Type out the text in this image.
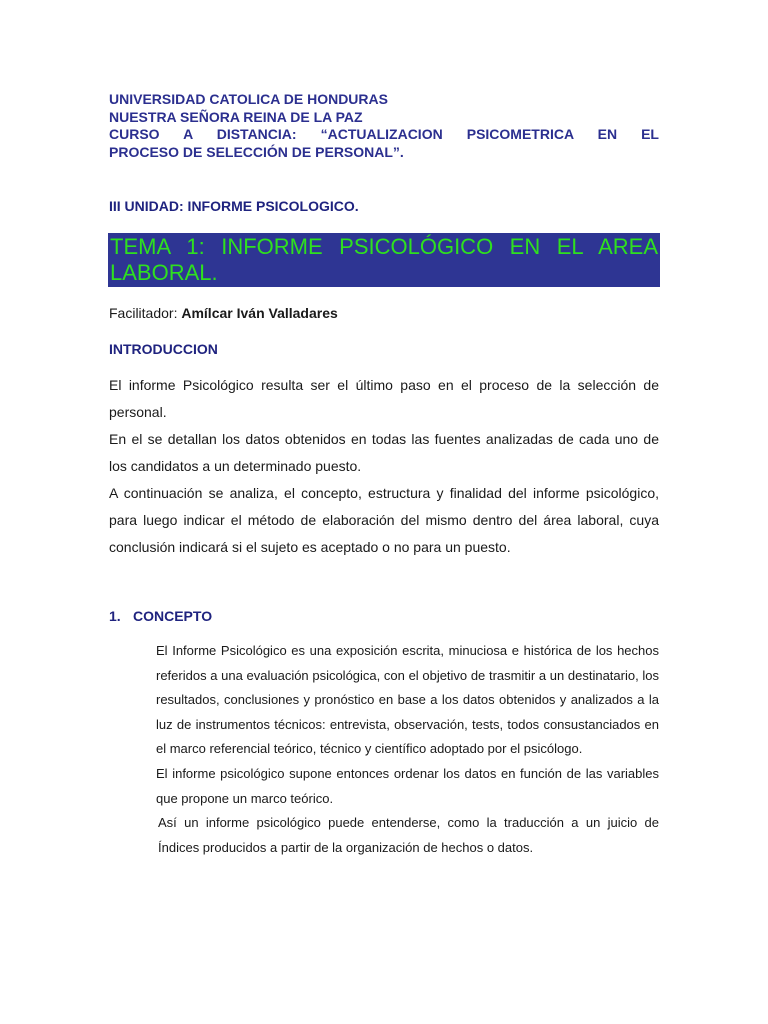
UNIVERSIDAD CATOLICA DE HONDURAS
NUESTRA SEÑORA REINA DE LA PAZ
CURSO A DISTANCIA: “ACTUALIZACION PSICOMETRICA EN EL
PROCESO DE SELECCIÓN DE PERSONAL”.
III UNIDAD: INFORME PSICOLOGICO.
TEMA 1: INFORME PSICOLÓGICO EN EL AREA
LABORAL.
Facilitador: Amílcar Iván Valladares
INTRODUCCION

El informe Psicológico resulta ser el último paso en el proceso de la selección de personal.

En el se detallan los datos obtenidos en todas las fuentes analizadas de cada uno de los candidatos a un determinado puesto.

A continuación se analiza, el concepto, estructura y finalidad del informe psicológico, para luego indicar el método de elaboración del mismo dentro del área laboral, cuya conclusión indicará si el sujeto es aceptado o no para un puesto.

1. CONCEPTO

El Informe Psicológico es una exposición escrita, minuciosa e histórica de los hechos referidos a una evaluación psicológica, con el objetivo de trasmitir a un destinatario, los resultados, conclusiones y pronóstico en base a los datos obtenidos y analizados a la luz de instrumentos técnicos: entrevista, observación, tests, todos consustanciados en el marco referencial teórico, técnico y científico adoptado por el psicólogo.

El informe psicológico supone entonces ordenar los datos en función de las variables que propone un marco teórico.

Así un informe psicológico puede entenderse, como la traducción a un juicio de Índices producidos a partir de la organización de hechos o datos.
